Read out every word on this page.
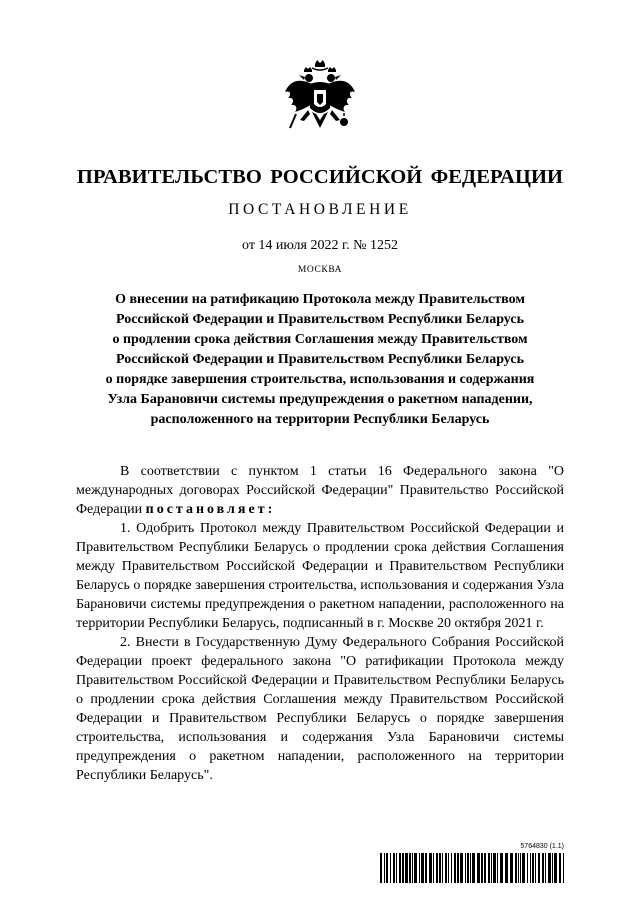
ПРАВИТЕЛЬСТВО РОССИЙСКОЙ ФЕДЕРАЦИИ
ПОСТАНОВЛЕНИЕ
от 14 июля 2022 г. № 1252
МОСКВА
О внесении на ратификацию Протокола между Правительством
Российской Федерации и Правительством Республики Беларусь
о продлении срока действия Соглашения между Правительством
Российской Федерации и Правительством Республики Беларусь
о порядке завершения строительства, использования и содержания
Узла Барановичи системы предупреждения о ракетном нападении,
расположенного на территории Республики Беларусь

В соответствии с пунктом 1 статьи 16 Федерального закона "О международных договорах Российской Федерации" Правительство Российской Федерации постановляет:

1. Одобрить Протокол между Правительством Российской Федерации и Правительством Республики Беларусь о продлении срока действия Соглашения между Правительством Российской Федерации и Правительством Республики Беларусь о порядке завершения строительства, использования и содержания Узла Барановичи системы предупреждения о ракетном нападении, расположенного на территории Республики Беларусь, подписанный в г. Москве 20 октября 2021 г.

2. Внести в Государственную Думу Федерального Собрания Российской Федерации проект федерального закона "О ратификации Протокола между Правительством Российской Федерации и Правительством Республики Беларусь о продлении срока действия Соглашения между Правительством Российской Федерации и Правительством Республики Беларусь о порядке завершения строительства, использования и содержания Узла Барановичи системы предупреждения о ракетном нападении, расположенного на территории Республики Беларусь".

5764830 (1.1)
